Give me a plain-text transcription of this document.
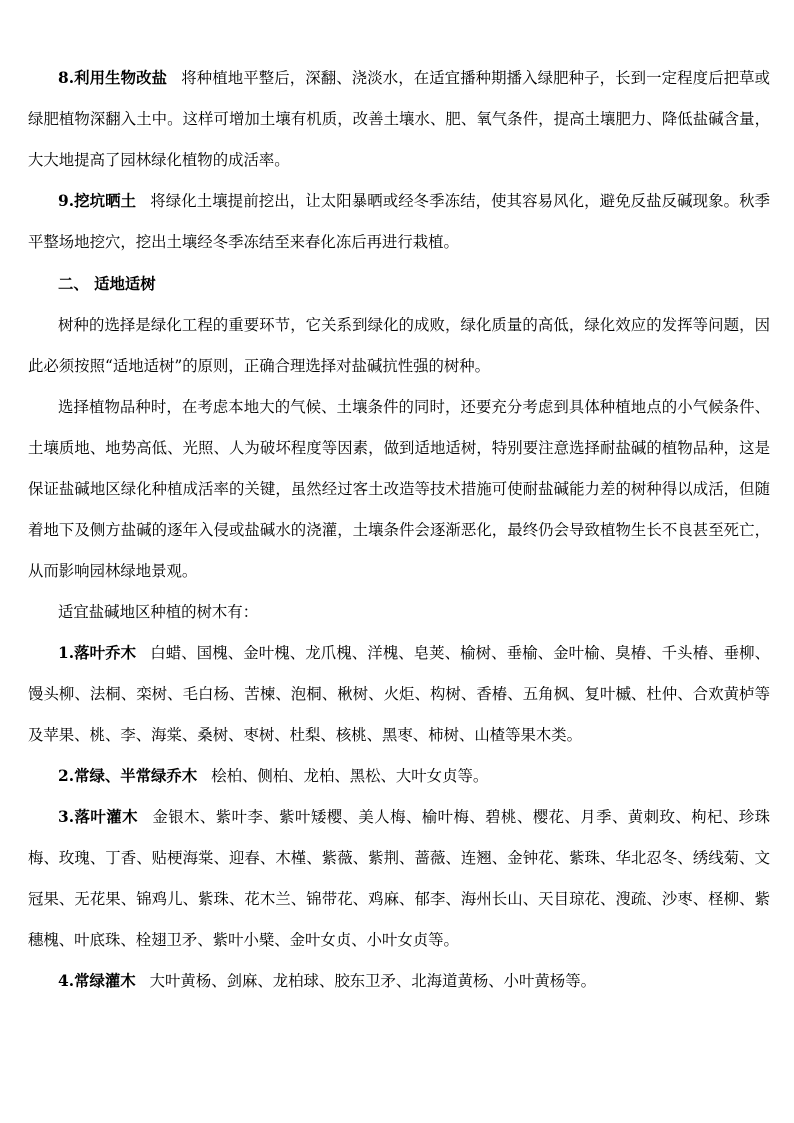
8.利用生物改盐 将种植地平整后，深翻、浇淡水，在适宜播种期播入绿肥种子，长到一定程度后把草或绿肥植物深翻入土中。这样可增加土壤有机质，改善土壤水、肥、氧气条件，提高土壤肥力、降低盐碱含量，大大地提高了园林绿化植物的成活率。

9.挖坑晒土 将绿化土壤提前挖出，让太阳暴晒或经冬季冻结，使其容易风化，避免反盐反碱现象。秋季平整场地挖穴，挖出土壤经冬季冻结至来春化冻后再进行栽植。

二、 适地适树

树种的选择是绿化工程的重要环节，它关系到绿化的成败，绿化质量的高低，绿化效应的发挥等问题，因此必须按照“适地适树”的原则，正确合理选择对盐碱抗性强的树种。

选择植物品种时，在考虑本地大的气候、土壤条件的同时，还要充分考虑到具体种植地点的小气候条件、土壤质地、地势高低、光照、人为破坏程度等因素，做到适地适树，特别要注意选择耐盐碱的植物品种，这是保证盐碱地区绿化种植成活率的关键，虽然经过客土改造等技术措施可使耐盐碱能力差的树种得以成活，但随着地下及侧方盐碱的逐年入侵或盐碱水的浇灌，土壤条件会逐渐恶化，最终仍会导致植物生长不良甚至死亡，从而影响园林绿地景观。

适宜盐碱地区种植的树木有：

1.落叶乔木 白蜡、国槐、金叶槐、龙爪槐、洋槐、皂荚、榆树、垂榆、金叶榆、臭椿、千头椿、垂柳、馒头柳、法桐、栾树、毛白杨、苦楝、泡桐、楸树、火炬、构树、香椿、五角枫、复叶槭、杜仲、合欢黄栌等及苹果、桃、李、海棠、桑树、枣树、杜梨、核桃、黑枣、柿树、山楂等果木类。

2.常绿、半常绿乔木 桧柏、侧柏、龙柏、黑松、大叶女贞等。

3.落叶灌木 金银木、紫叶李、紫叶矮樱、美人梅、榆叶梅、碧桃、樱花、月季、黄刺玫、枸杞、珍珠梅、玫瑰、丁香、贴梗海棠、迎春、木槿、紫薇、紫荆、蔷薇、连翘、金钟花、紫珠、华北忍冬、绣线菊、文冠果、无花果、锦鸡儿、紫珠、花木兰、锦带花、鸡麻、郁李、海州长山、天目琼花、溲疏、沙枣、柽柳、紫穗槐、叶底珠、栓翅卫矛、紫叶小檗、金叶女贞、小叶女贞等。

4.常绿灌木 大叶黄杨、剑麻、龙柏球、胶东卫矛、北海道黄杨、小叶黄杨等。
